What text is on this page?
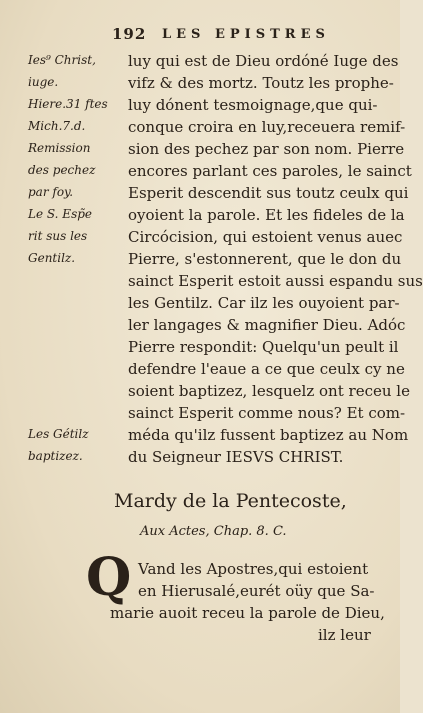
192 LES EPISTRES
Ies⁹ Christ,	luy qui est de Dieu ordóné Iuge des
iuge.	vifz & des mortz. Toutz les prophe-
Hiere.31 ftes	luy dónent tesmoignage,que qui-
Mich.7.d.	conque croira en luy,receuera remif-
Remission	sion des pechez par son nom. Pierre
des pechez	encores parlant ces paroles, le sainct
par foy.	Esperit descendit sus toutz ceulx qui
Le S. Esp̃e	oyoient la parole. Et les fideles de la
rit sus les	Circócision, qui estoient venus auec
Gentilz.	Pierre, s'estonnerent, que le don du
sainct Esperit estoit aussi espandu sus
les Gentilz. Car ilz les ouyoient par-
ler langages & magnifier Dieu. Adóc
Pierre respondit: Quelqu'un peult il
defendre l'eaue a ce que ceulx cy ne
soient baptizez, lesquelz ont receu le
sainct Esperit comme nous? Et com-
Les Gétilz	méda qu'ilz fussent baptizez au Nom
baptizez.	du Seigneur IESVS CHRIST.
Mardy de la Pentecoste,
Aux Actes, Chap. 8. C.
Q Vand les Apostres,qui estoient
en Hierusalé,eurét oüy que Sa-
marie auoit receu la parole de Dieu,
ilz leur
